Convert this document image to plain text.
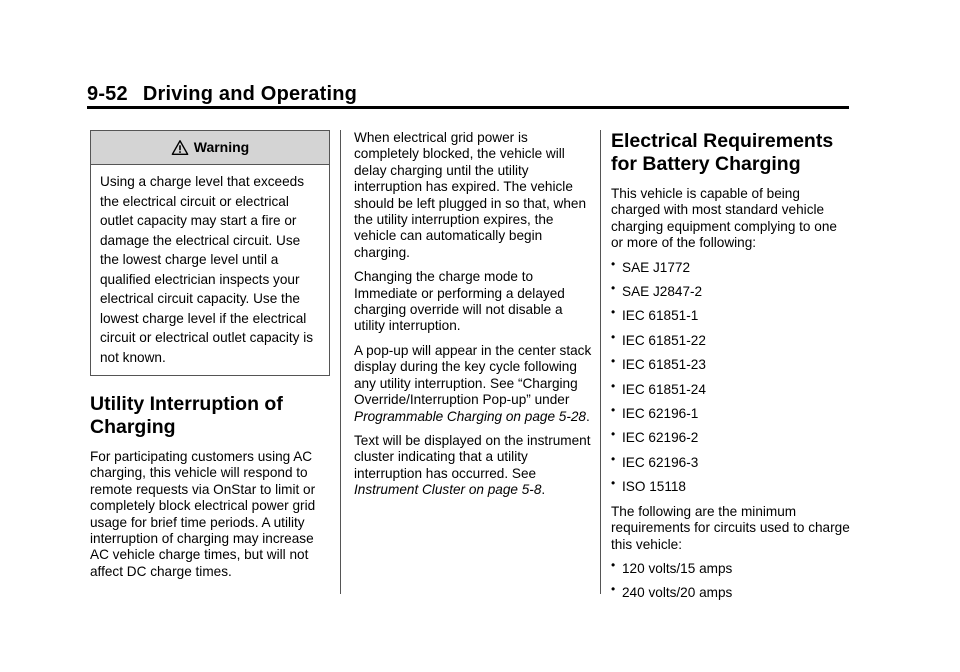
9-52 Driving and Operating
Warning
Using a charge level that exceeds the electrical circuit or electrical outlet capacity may start a fire or damage the electrical circuit. Use the lowest charge level until a qualified electrician inspects your electrical circuit capacity. Use the lowest charge level if the electrical circuit or electrical outlet capacity is not known.
Utility Interruption of Charging

For participating customers using AC charging, this vehicle will respond to remote requests via OnStar to limit or completely block electrical power grid usage for brief time periods. A utility interruption of charging may increase AC vehicle charge times, but will not affect DC charge times.

When electrical grid power is completely blocked, the vehicle will delay charging until the utility interruption has expired. The vehicle should be left plugged in so that, when the utility interruption expires, the vehicle can automatically begin charging.

Changing the charge mode to Immediate or performing a delayed charging override will not disable a utility interruption.

A pop-up will appear in the center stack display during the key cycle following any utility interruption. See “Charging Override/Interruption Pop-up” under Programmable Charging on page 5-28.

Text will be displayed on the instrument cluster indicating that a utility interruption has occurred. See Instrument Cluster on page 5-8.

Electrical Requirements for Battery Charging

This vehicle is capable of being charged with most standard vehicle charging equipment complying to one or more of the following:

• SAE J1772
• SAE J2847-2
• IEC 61851-1
• IEC 61851-22
• IEC 61851-23
• IEC 61851-24
• IEC 62196-1
• IEC 62196-2
• IEC 62196-3
• ISO 15118

The following are the minimum requirements for circuits used to charge this vehicle:

• 120 volts/15 amps
• 240 volts/20 amps
